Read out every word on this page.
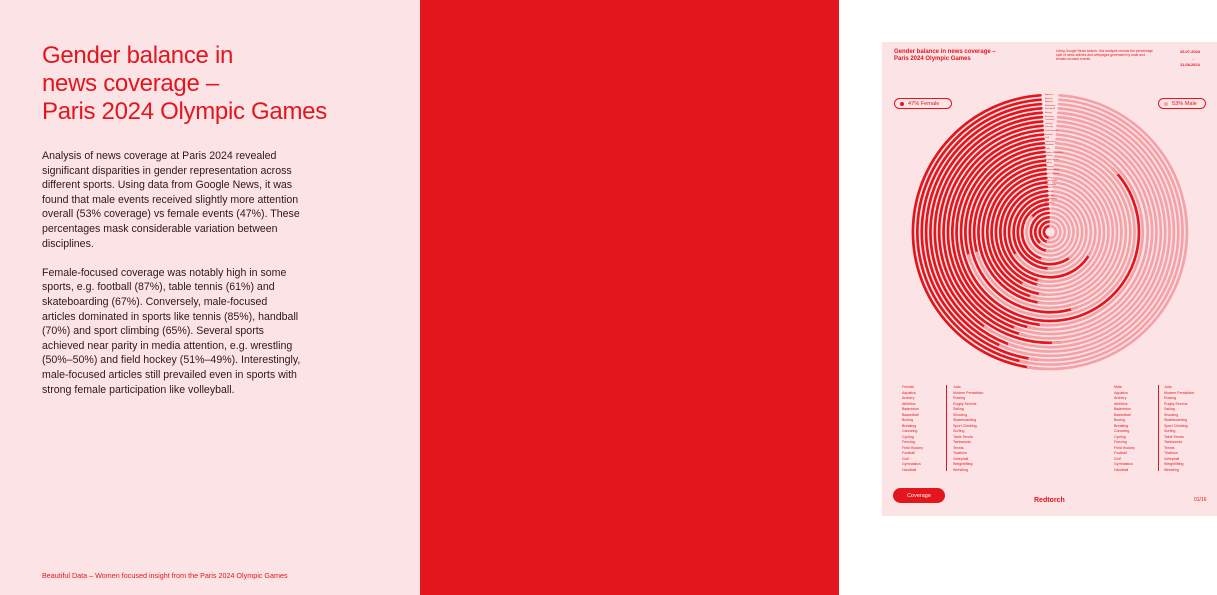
Gender balance in
news coverage –
Paris 2024 Olympic Games

Analysis of news coverage at Paris 2024 revealed significant disparities in gender representation across different sports. Using data from Google News, it was found that male events received slightly more attention overall (53% coverage) vs female events (47%). These percentages mask considerable variation between disciplines.

Female-focused coverage was notably high in some sports, e.g. football (87%), table tennis (61%) and skateboarding (67%). Conversely, male-focused articles dominated in sports like tennis (85%), handball (70%) and sport climbing (65%). Several sports achieved near parity in media attention, e.g. wrestling (50%–50%) and field hockey (51%–49%). Interestingly, male-focused articles still prevailed even in sports with strong female participation like volleyball.

Beautiful Data – Women focused insight from the Paris 2024 Olympic Games
Gender balance in news coverage –
Paris 2024 Olympic Games
Using Google News search, this analysis reveals the percentage split of news articles and webpages generated by male and female-focused events.
26.07.2024
–
11.08.2024
Aquatics
Archery
Athletics
Badminton
Basketball
Boxing
Breaking
Canoeing
Cycling
Fencing
Field Hockey
Football
Golf
Gymnastics
Handball
Judo
Modern Pentathlon
Rowing
Rugby Sevens
Sailing
Shooting
Skateboarding
Sport Climbing
Surfing
Table Tennis
Taekwondo
Tennis
Triathlon
Volleyball
Weightlifting
Wrestling
47% Female	53% Male
Female
Aquatics
Archery
Athletics
Badminton
Basketball
Boxing
Breaking
Canoeing
Cycling
Fencing
Field Hockey
Football
Golf
Gymnastics
Handball
Judo
Modern Pentathlon
Rowing
Rugby Sevens
Sailing
Shooting
Skateboarding
Sport Climbing
Surfing
Table Tennis
Taekwondo
Tennis
Triathlon
Volleyball
Weightlifting
Wrestling
Male
Aquatics
Archery
Athletics
Badminton
Basketball
Boxing
Breaking
Canoeing
Cycling
Fencing
Field Hockey
Football
Golf
Gymnastics
Handball
Judo
Modern Pentathlon
Rowing
Rugby Sevens
Sailing
Shooting
Skateboarding
Sport Climbing
Surfing
Table Tennis
Taekwondo
Tennis
Triathlon
Volleyball
Weightlifting
Wrestling
Coverage
Redtorch	01/16
5
